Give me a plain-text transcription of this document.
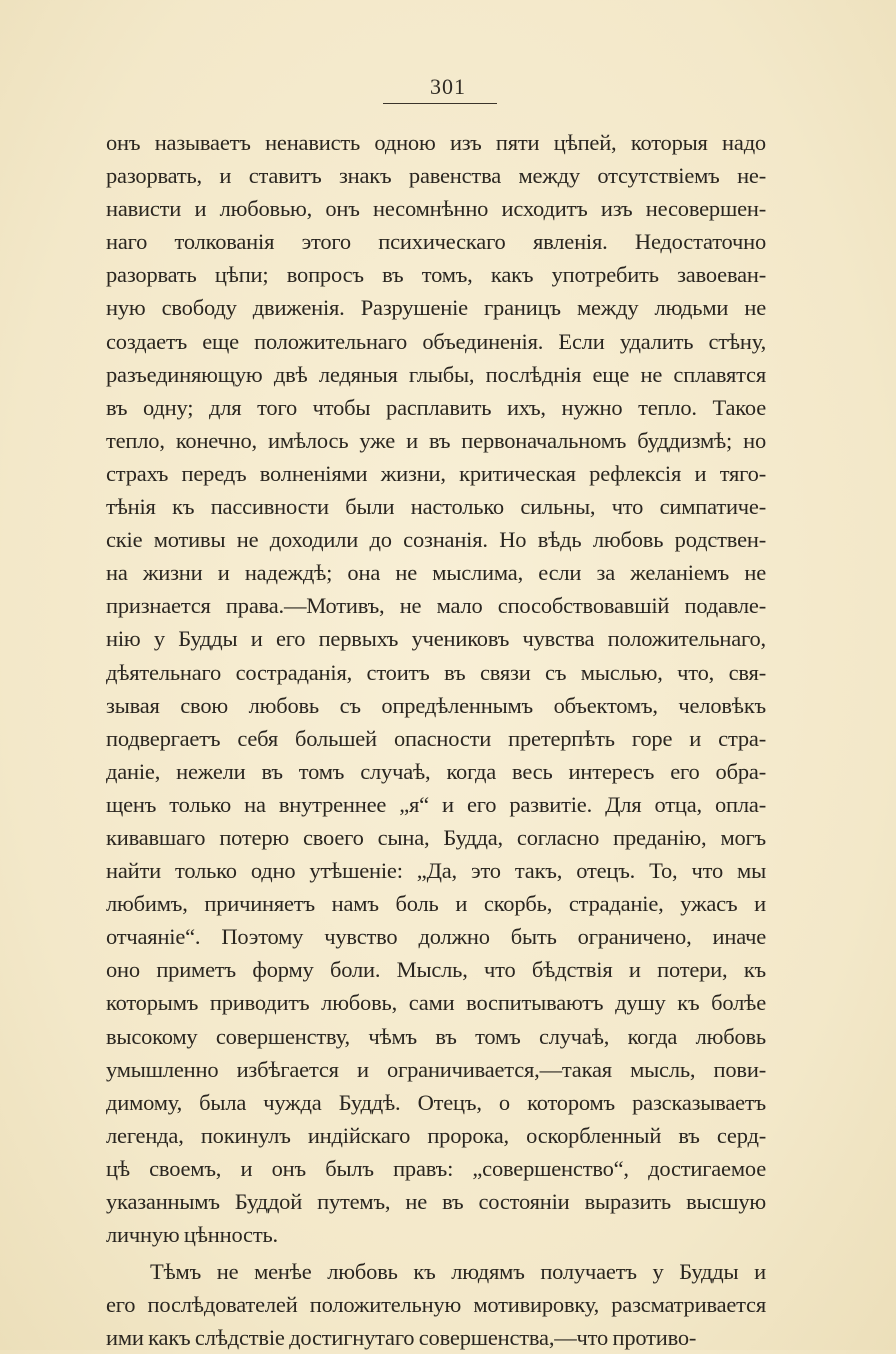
301
онъ называетъ ненависть одною изъ пяти цѣпей, которыя надо
разорвать, и ставитъ знакъ равенства между отсутствіемъ не-
нависти и любовью, онъ несомнѣнно исходитъ изъ несовершен-
наго толкованія этого психическаго явленія. Недостаточно
разорвать цѣпи; вопросъ въ томъ, какъ употребить завоеван-
ную свободу движенія. Разрушеніе границъ между людьми не
создаетъ еще положительнаго объединенія. Если удалить стѣну,
разъединяющую двѣ ледяныя глыбы, послѣднія еще не сплавятся
въ одну; для того чтобы расплавить ихъ, нужно тепло. Такое
тепло, конечно, имѣлось уже и въ первоначальномъ буддизмѣ; но
страхъ передъ волненіями жизни, критическая рефлексія и тяго-
тѣнія къ пассивности были настолько сильны, что симпатиче-
скіе мотивы не доходили до сознанія. Но вѣдь любовь родствен-
на жизни и надеждѣ; она не мыслима, если за желаніемъ не
признается права.—Мотивъ, не мало способствовавшій подавле-
нію у Будды и его первыхъ учениковъ чувства положительнаго,
дѣятельнаго состраданія, стоитъ въ связи съ мыслью, что, свя-
зывая свою любовь съ опредѣленнымъ объектомъ, человѣкъ
подвергаетъ себя большей опасности претерпѣть горе и стра-
даніе, нежели въ томъ случаѣ, когда весь интересъ его обра-
щенъ только на внутреннее „я“ и его развитіе. Для отца, опла-
кивавшаго потерю своего сына, Будда, согласно преданію, могъ
найти только одно утѣшеніе: „Да, это такъ, отецъ. То, что мы
любимъ, причиняетъ намъ боль и скорбь, страданіе, ужасъ и
отчаяніе“. Поэтому чувство должно быть ограничено, иначе
оно приметъ форму боли. Мысль, что бѣдствія и потери, къ
которымъ приводитъ любовь, сами воспитываютъ душу къ болѣе
высокому совершенству, чѣмъ въ томъ случаѣ, когда любовь
умышленно избѣгается и ограничивается,—такая мысль, пови-
димому, была чужда Буддѣ. Отецъ, о которомъ разсказываетъ
легенда, покинулъ индійскаго пророка, оскорбленный въ серд-
цѣ своемъ, и онъ былъ правъ: „совершенство“, достигаемое
указаннымъ Буддой путемъ, не въ состояніи выразить высшую
личную цѣнность.
Тѣмъ не менѣе любовь къ людямъ получаетъ у Будды и
его послѣдователей положительную мотивировку, разсматривается
ими какъ слѣдствіе достигнутаго совершенства,—что противо-
